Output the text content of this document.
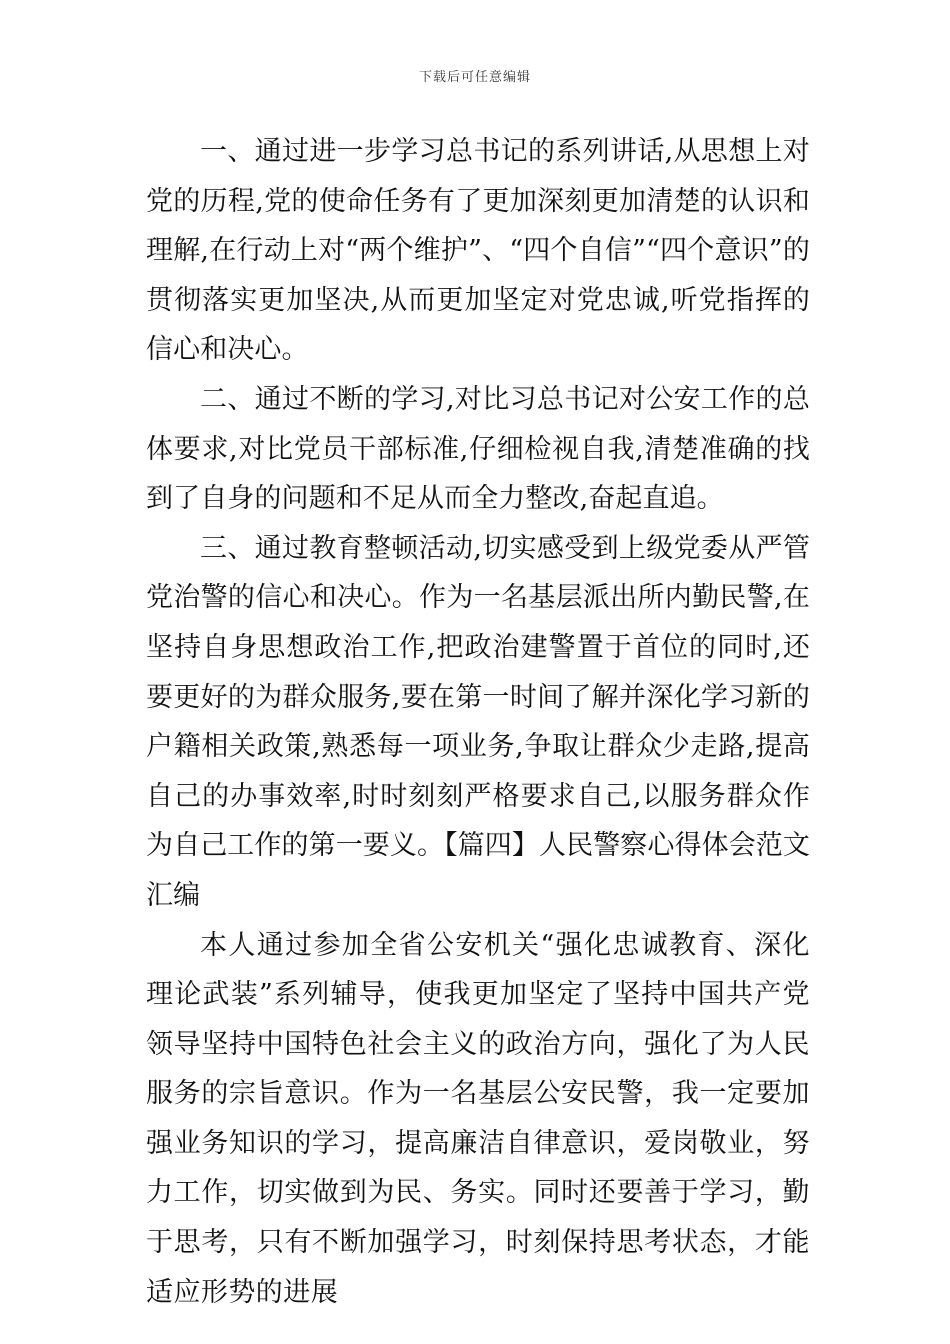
下载后可任意编辑

一、通过进一步学习总书记的系列讲话,从思想上对党的历程,党的使命任务有了更加深刻更加清楚的认识和理解,在行动上对“两个维护”、“四个自信”“四个意识”的贯彻落实更加坚决,从而更加坚定对党忠诚,听党指挥的信心和决心。

二、通过不断的学习,对比习总书记对公安工作的总体要求,对比党员干部标准,仔细检视自我,清楚准确的找到了自身的问题和不足从而全力整改,奋起直追。

三、通过教育整顿活动,切实感受到上级党委从严管党治警的信心和决心。作为一名基层派出所内勤民警,在坚持自身思想政治工作,把政治建警置于首位的同时,还要更好的为群众服务,要在第一时间了解并深化学习新的户籍相关政策,熟悉每一项业务,争取让群众少走路,提高自己的办事效率,时时刻刻严格要求自己,以服务群众作为自己工作的第一要义。【篇四】人民警察心得体会范文汇编

本人通过参加全省公安机关“强化忠诚教育、深化理论武装”系列辅导，使我更加坚定了坚持中国共产党领导坚持中国特色社会主义的政治方向，强化了为人民服务的宗旨意识。作为一名基层公安民警，我一定要加强业务知识的学习，提高廉洁自律意识，爱岗敬业，努力工作，切实做到为民、务实。同时还要善于学习，勤于思考，只有不断加强学习，时刻保持思考状态，才能适应形势的进展
